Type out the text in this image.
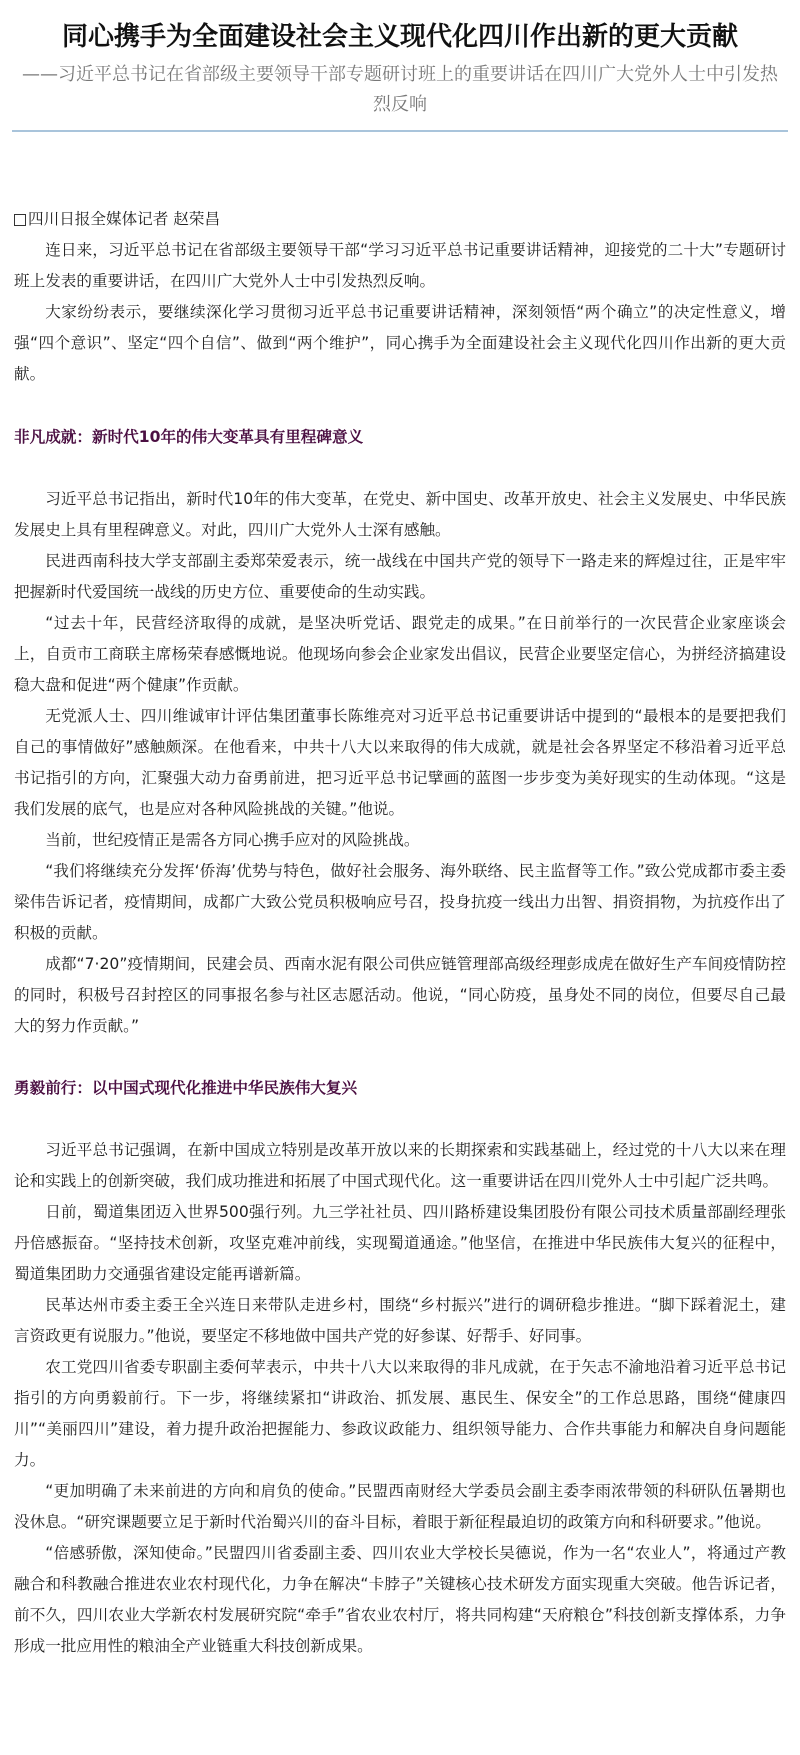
同心携手为全面建设社会主义现代化四川作出新的更大贡献
——习近平总书记在省部级主要领导干部专题研讨班上的重要讲话在四川广大党外人士中引发热烈反响
四川日报全媒体记者 赵荣昌

连日来，习近平总书记在省部级主要领导干部“学习习近平总书记重要讲话精神，迎接党的二十大”专题研讨班上发表的重要讲话，在四川广大党外人士中引发热烈反响。

大家纷纷表示，要继续深化学习贯彻习近平总书记重要讲话精神，深刻领悟“两个确立”的决定性意义，增强“四个意识”、坚定“四个自信”、做到“两个维护”，同心携手为全面建设社会主义现代化四川作出新的更大贡献。

非凡成就：新时代10年的伟大变革具有里程碑意义

习近平总书记指出，新时代10年的伟大变革，在党史、新中国史、改革开放史、社会主义发展史、中华民族发展史上具有里程碑意义。对此，四川广大党外人士深有感触。

民进西南科技大学支部副主委郑荣爱表示，统一战线在中国共产党的领导下一路走来的辉煌过往，正是牢牢把握新时代爱国统一战线的历史方位、重要使命的生动实践。

“过去十年，民营经济取得的成就，是坚决听党话、跟党走的成果。”在日前举行的一次民营企业家座谈会上，自贡市工商联主席杨荣春感慨地说。他现场向参会企业家发出倡议，民营企业要坚定信心，为拼经济搞建设稳大盘和促进“两个健康”作贡献。

无党派人士、四川维诚审计评估集团董事长陈维亮对习近平总书记重要讲话中提到的“最根本的是要把我们自己的事情做好”感触颇深。在他看来，中共十八大以来取得的伟大成就，就是社会各界坚定不移沿着习近平总书记指引的方向，汇聚强大动力奋勇前进，把习近平总书记擘画的蓝图一步步变为美好现实的生动体现。“这是我们发展的底气，也是应对各种风险挑战的关键。”他说。

当前，世纪疫情正是需各方同心携手应对的风险挑战。

“我们将继续充分发挥‘侨海’优势与特色，做好社会服务、海外联络、民主监督等工作。”致公党成都市委主委梁伟告诉记者，疫情期间，成都广大致公党员积极响应号召，投身抗疫一线出力出智、捐资捐物，为抗疫作出了积极的贡献。

成都“7·20”疫情期间，民建会员、西南水泥有限公司供应链管理部高级经理彭成虎在做好生产车间疫情防控的同时，积极号召封控区的同事报名参与社区志愿活动。他说，“同心防疫，虽身处不同的岗位，但要尽自己最大的努力作贡献。”

勇毅前行：以中国式现代化推进中华民族伟大复兴

习近平总书记强调，在新中国成立特别是改革开放以来的长期探索和实践基础上，经过党的十八大以来在理论和实践上的创新突破，我们成功推进和拓展了中国式现代化。这一重要讲话在四川党外人士中引起广泛共鸣。

日前，蜀道集团迈入世界500强行列。九三学社社员、四川路桥建设集团股份有限公司技术质量部副经理张丹倍感振奋。“坚持技术创新，攻坚克难冲前线，实现蜀道通途。”他坚信，在推进中华民族伟大复兴的征程中，蜀道集团助力交通强省建设定能再谱新篇。

民革达州市委主委王全兴连日来带队走进乡村，围绕“乡村振兴”进行的调研稳步推进。“脚下踩着泥土，建言资政更有说服力。”他说，要坚定不移地做中国共产党的好参谋、好帮手、好同事。

农工党四川省委专职副主委何苹表示，中共十八大以来取得的非凡成就，在于矢志不渝地沿着习近平总书记指引的方向勇毅前行。下一步，将继续紧扣“讲政治、抓发展、惠民生、保安全”的工作总思路，围绕“健康四川”“美丽四川”建设，着力提升政治把握能力、参政议政能力、组织领导能力、合作共事能力和解决自身问题能力。

“更加明确了未来前进的方向和肩负的使命。”民盟西南财经大学委员会副主委李雨浓带领的科研队伍暑期也没休息。“研究课题要立足于新时代治蜀兴川的奋斗目标，着眼于新征程最迫切的政策方向和科研要求。”他说。

“倍感骄傲，深知使命。”民盟四川省委副主委、四川农业大学校长吴德说，作为一名“农业人”，将通过产教融合和科教融合推进农业农村现代化，力争在解决“卡脖子”关键核心技术研发方面实现重大突破。他告诉记者，前不久，四川农业大学新农村发展研究院“牵手”省农业农村厅，将共同构建“天府粮仓”科技创新支撑体系，力争形成一批应用性的粮油全产业链重大科技创新成果。
